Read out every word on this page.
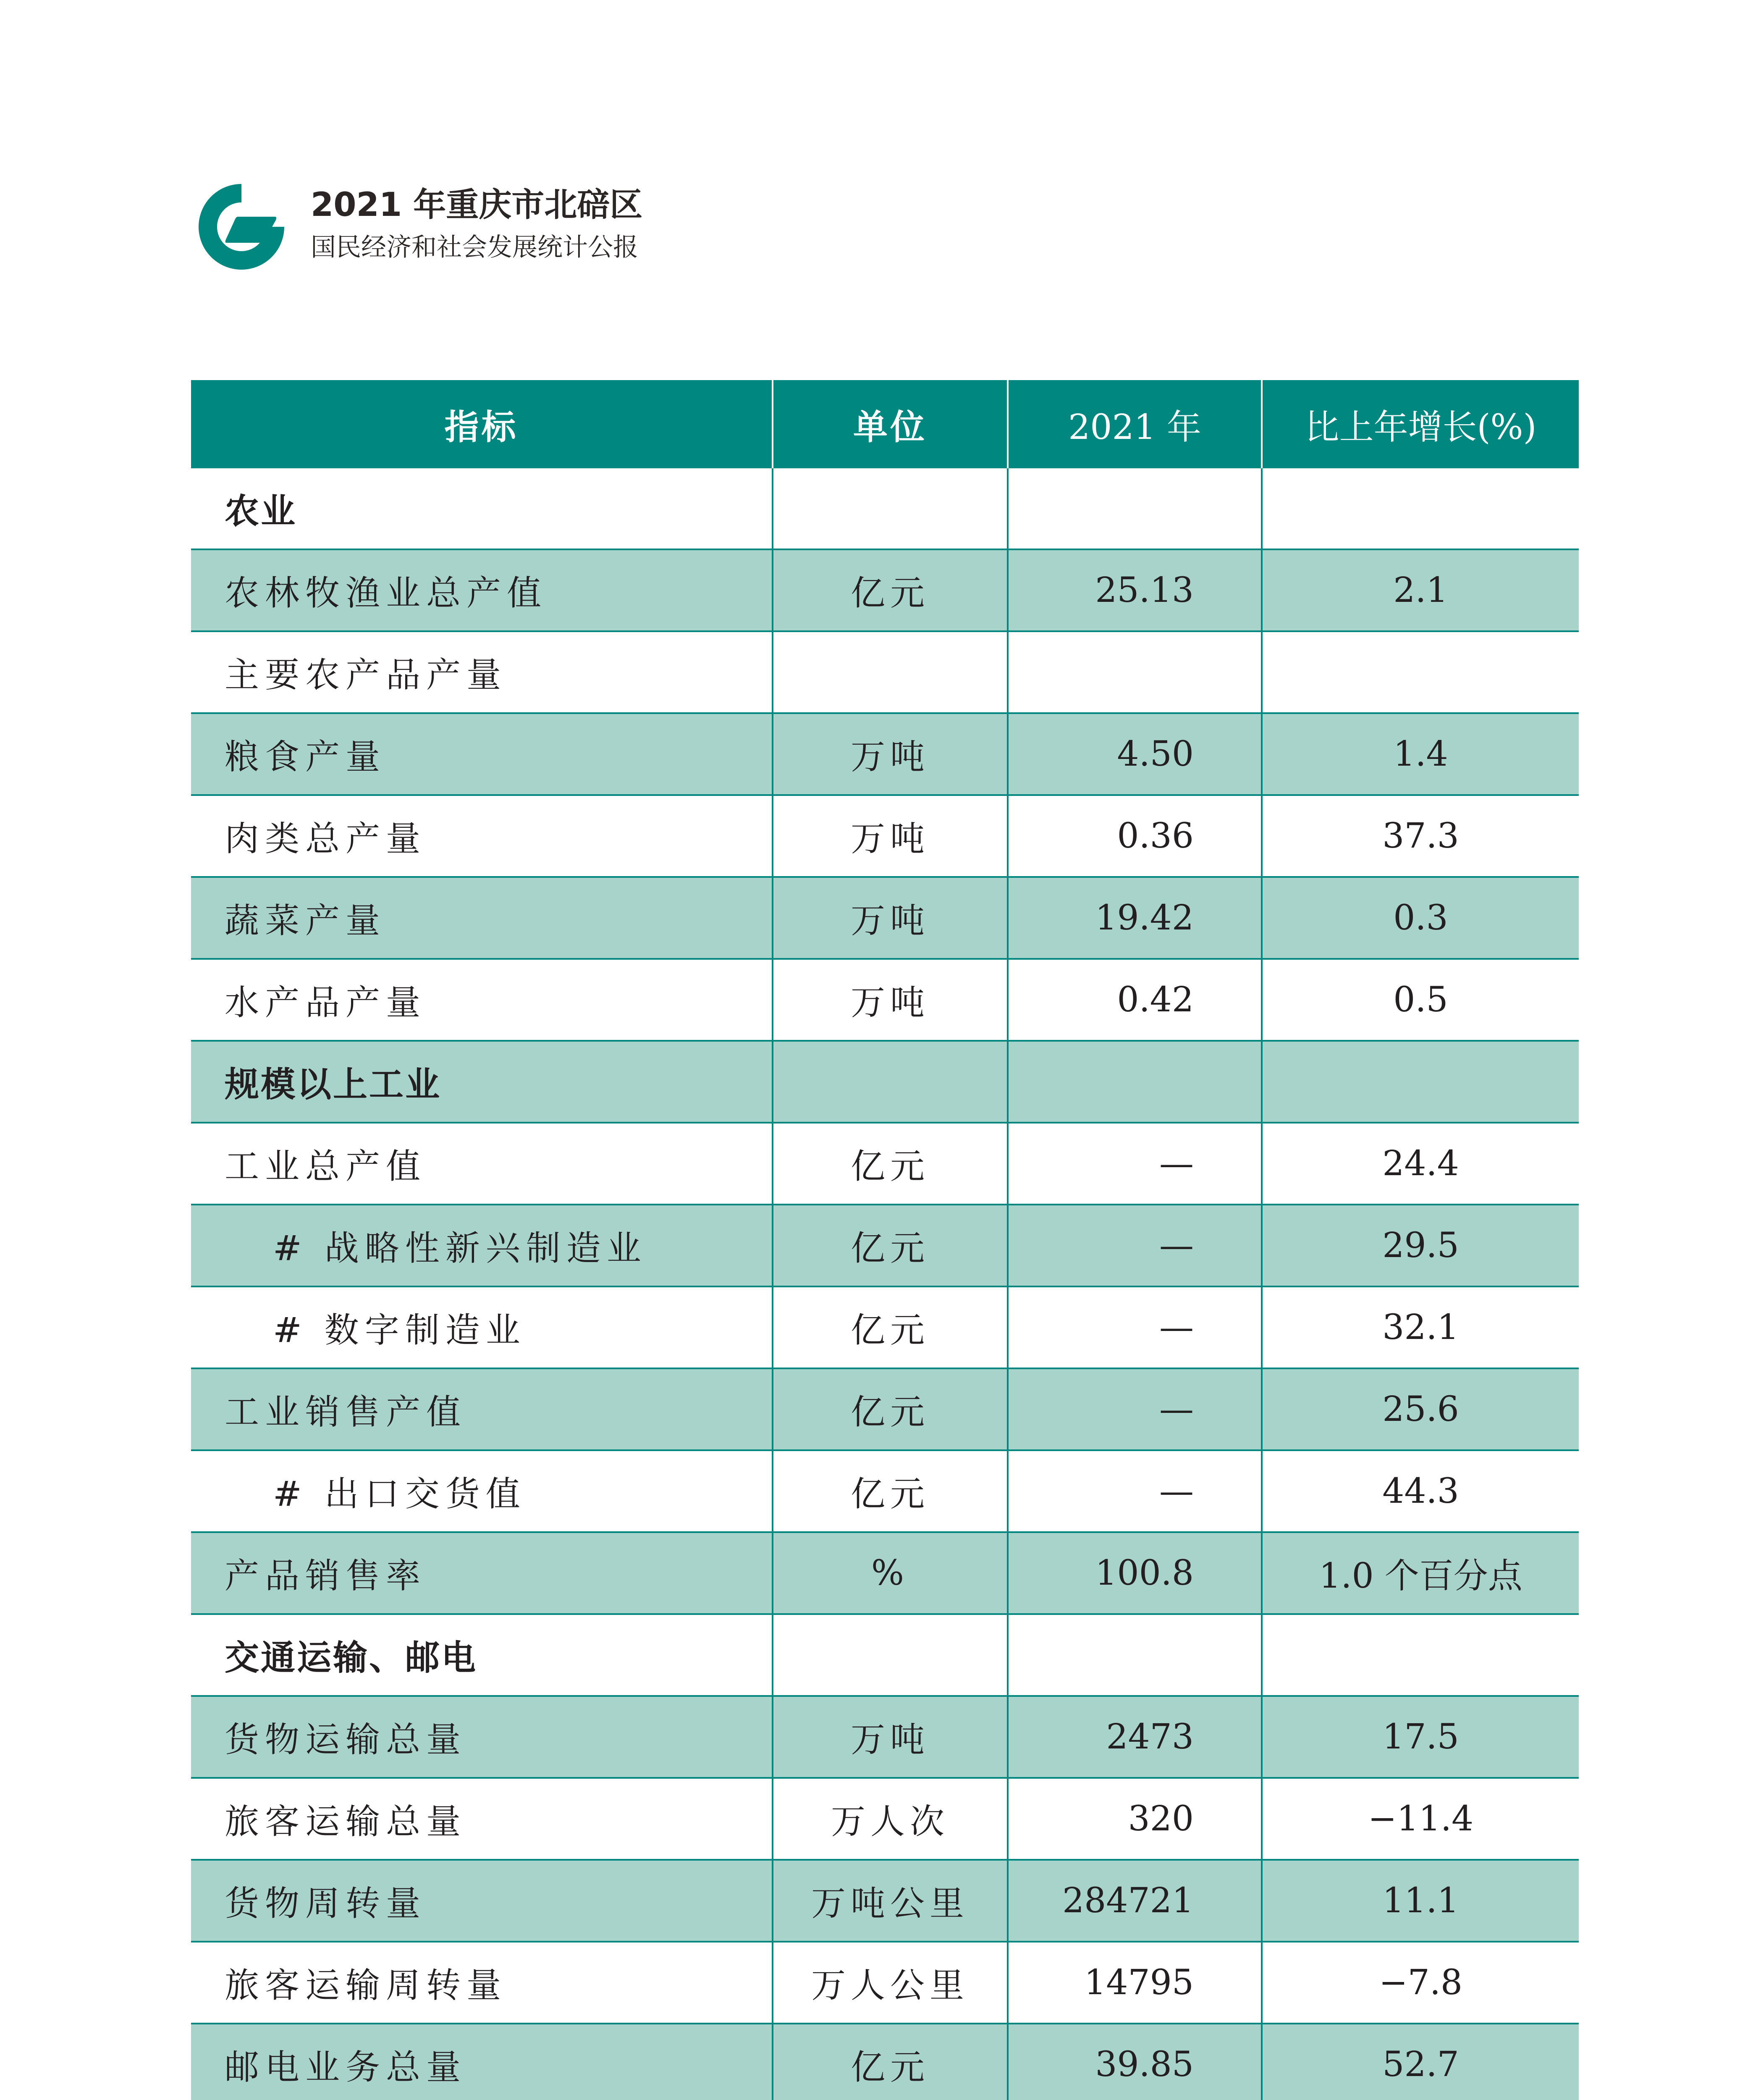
2021 年重庆市北碚区
国民经济和社会发展统计公报
指标	单位	2021 年	比上年增长(%)
农业			
农林牧渔业总产值	亿元	25.13	2.1
主要农产品产量			
粮食产量	万吨	4.50	1.4
肉类总产量	万吨	0.36	37.3
蔬菜产量	万吨	19.42	0.3
水产品产量	万吨	0.42	0.5
规模以上工业			
工业总产值	亿元	—	24.4
# 战略性新兴制造业	亿元	—	29.5
# 数字制造业	亿元	—	32.1
工业销售产值	亿元	—	25.6
# 出口交货值	亿元	—	44.3
产品销售率	%	100.8	1.0 个百分点
交通运输、邮电			
货物运输总量	万吨	2473	17.5
旅客运输总量	万人次	320	−11.4
货物周转量	万吨公里	284721	11.1
旅客运输周转量	万人公里	14795	−7.8
邮电业务总量	亿元	39.85	52.7
